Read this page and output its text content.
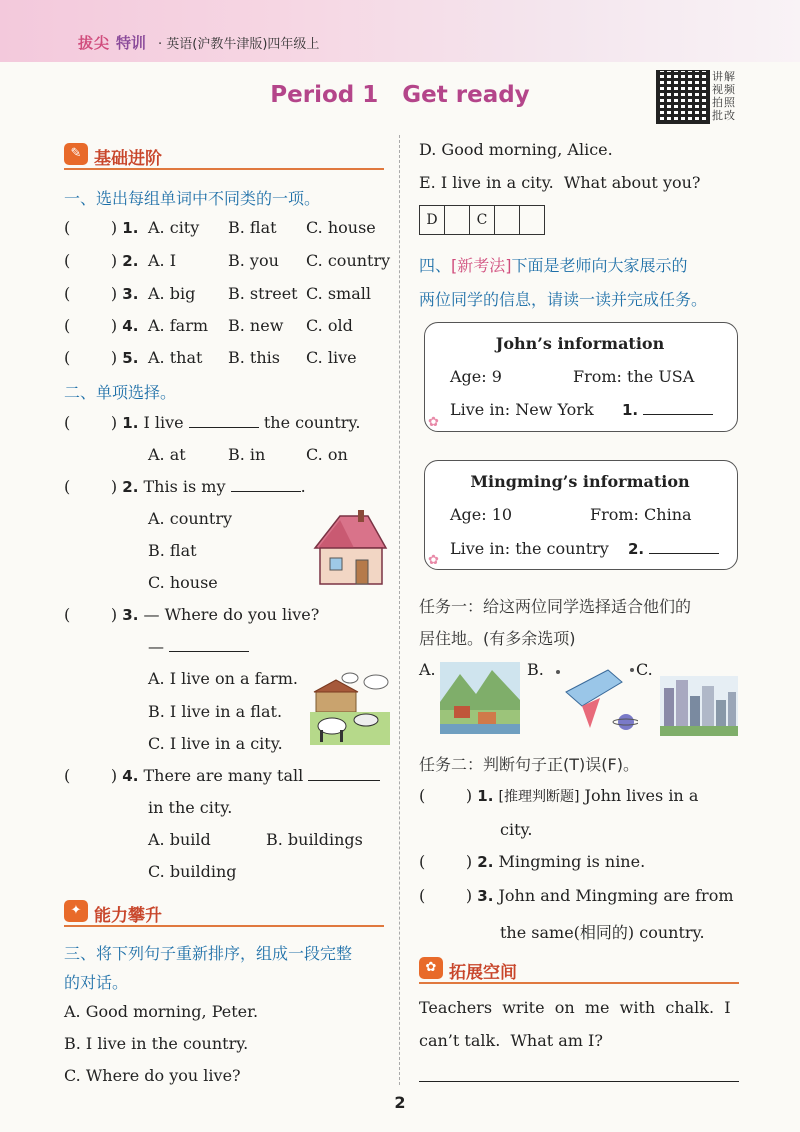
拔尖 特训 · 英语(沪教牛津版)四年级上
Period 1   Get ready
讲解视频拍照批改
✎ 基础进阶
一、选出每组单词中不同类的一项。
(        ) 1. A. city B. flat C. house
(        ) 2. A. I	B. you C. country
(        ) 3. A. big B. street C. small
(        ) 4. A. farm B. new C. old
(        ) 5. A. that B. this C. live
二、单项选择。
(        ) 1. I live	the country.
A. at	B. in	C. on
(        ) 2. This is my	.
A. country
B. flat
C. house
(        ) 3. — Where do you live?
—
A. I live on a farm.
B. I live in a flat.
C. I live in a city.
(        ) 4. There are many tall
in the city.
A. build	B. buildings
C. building
✦ 能力攀升
三、将下列句子重新排序，组成一段完整
的对话。
A. Good morning, Peter.
B. I live in the country.
C. Where do you live?
D. Good morning, Alice.
E. I live in a city.  What about you?
D		C		
四、[新考法]下面是老师向大家展示的
两位同学的信息，请读一读并完成任务。
John’s information
Age: 9	From: the USA
✿
Live in: New York 1.
Mingming’s information
Age: 10	From: China
✿
Live in: the country 2.
任务一：给这两位同学选择适合他们的
居住地。(有多余选项)
A.	B.	C.
任务二：判断句子正(T)误(F)。
(        ) 1. [推理判断题] John lives in a
city.
(        ) 2. Mingming is nine.
(        ) 3. John and Mingming are from
the same(相同的) country.
✿ 拓展空间
Teachers  write  on  me  with  chalk.  I
can’t talk.  What am I?
2
